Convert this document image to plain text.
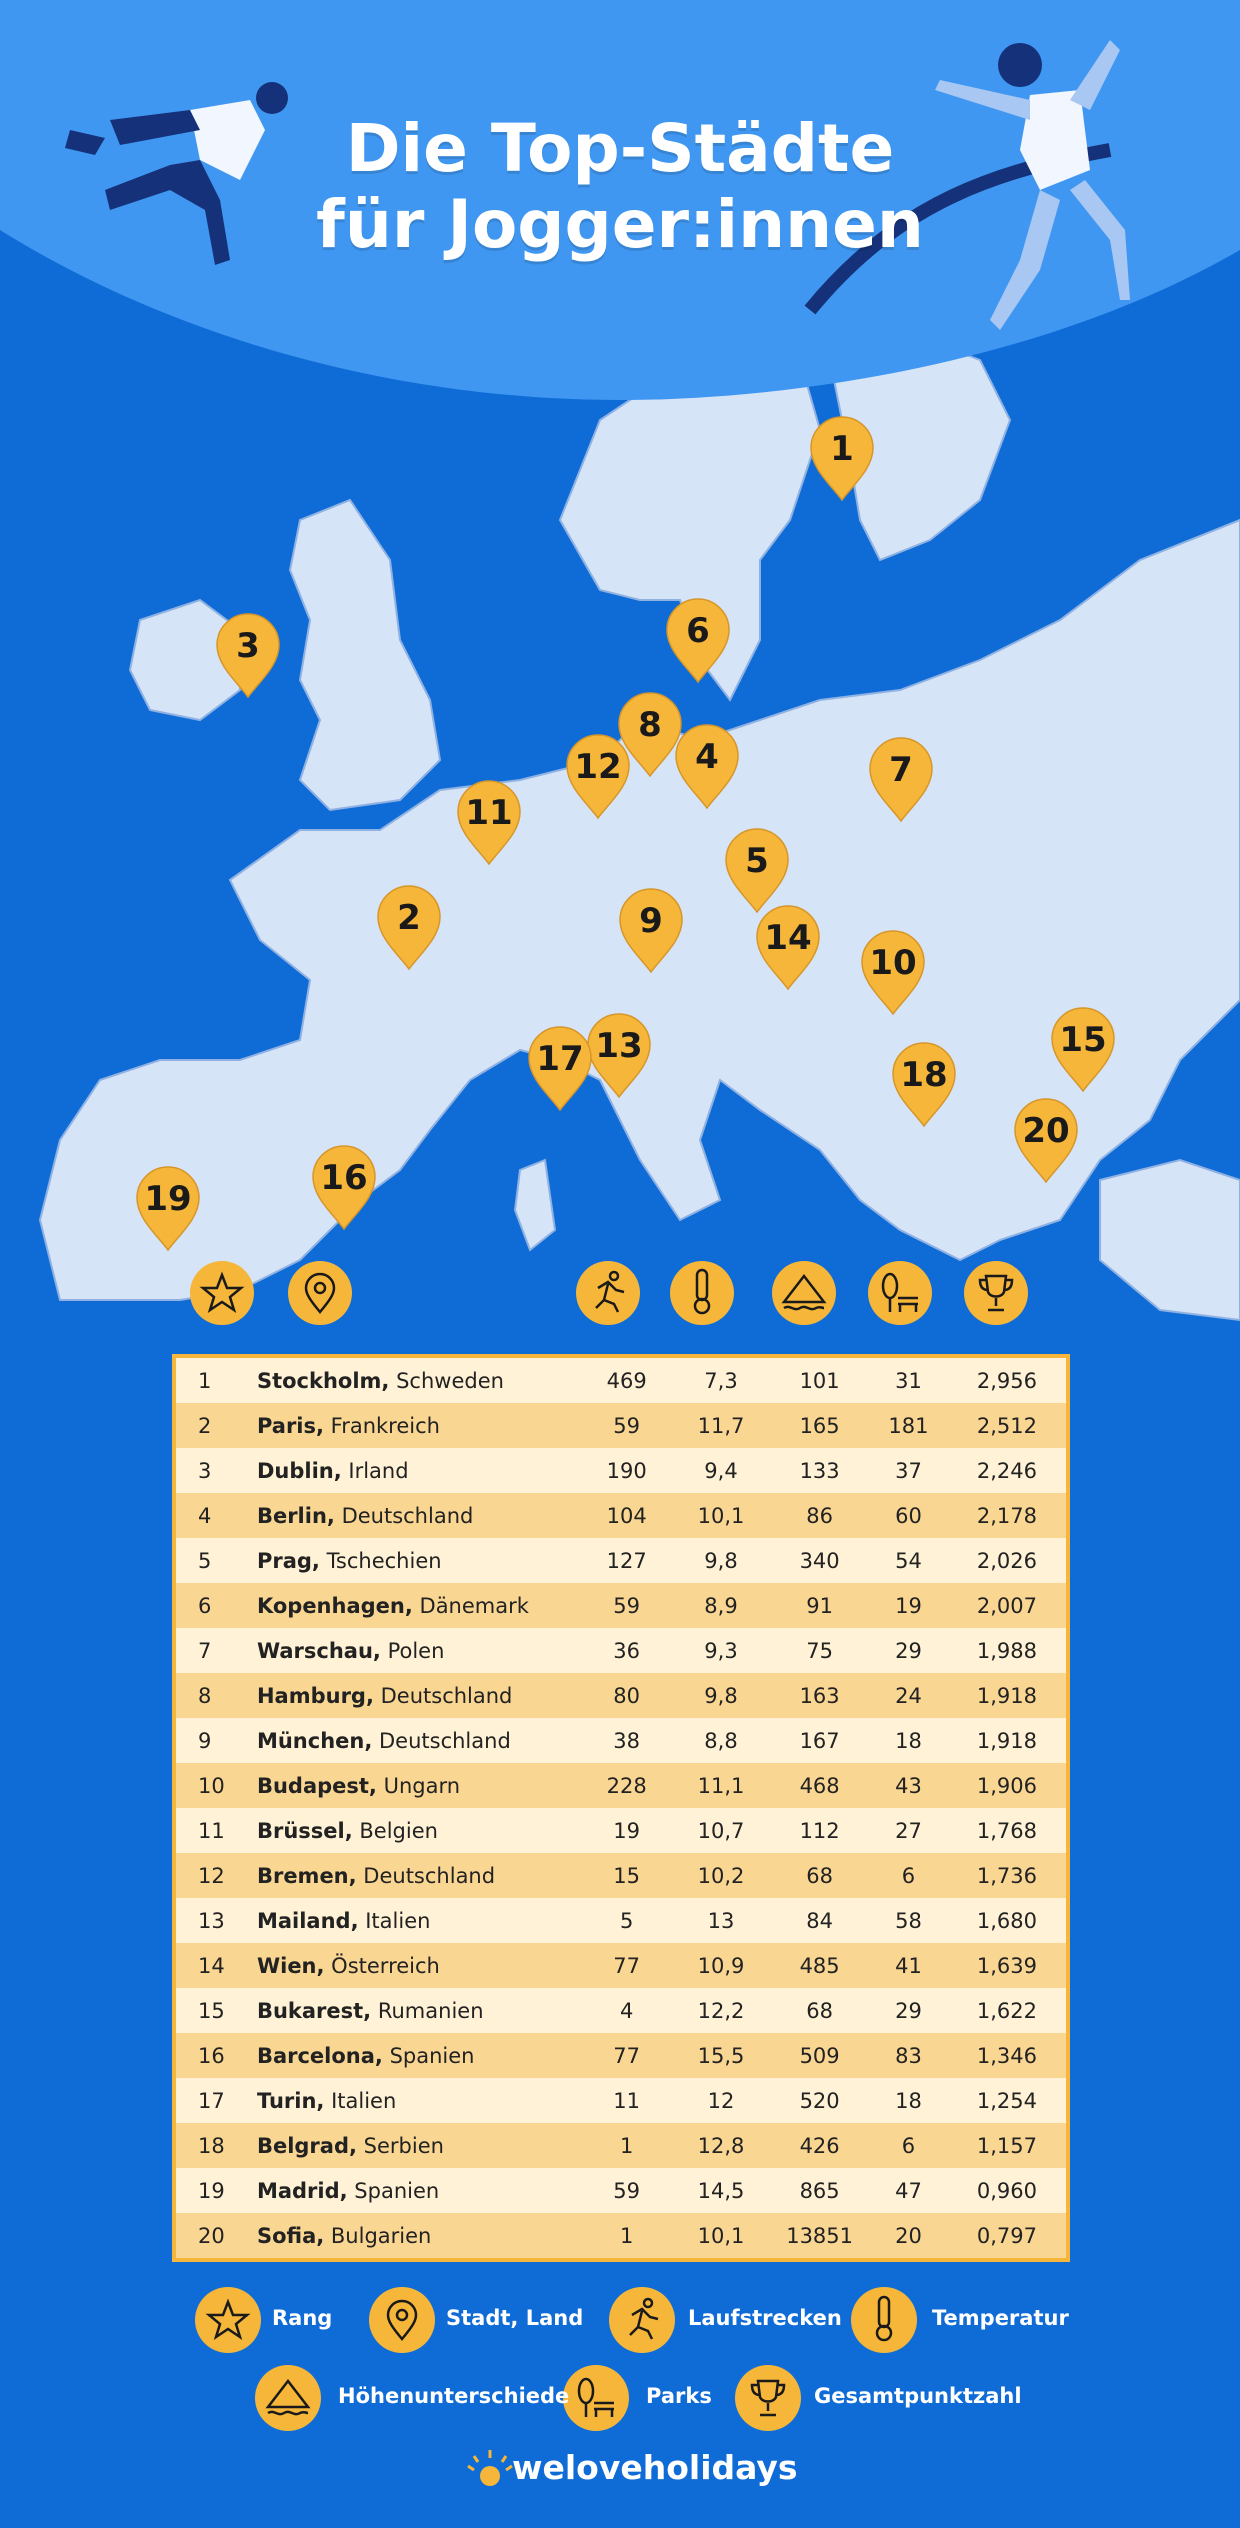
Die Top-Städte
für Jogger:innen
1
2
3
4
5
6
7
8
9
10
11
12
13
14
15
16
17	18
19
20
1	Stockholm, Schweden	469	7,3	101	31	2,956
2	Paris, Frankreich	59	11,7	165	181	2,512
3	Dublin, Irland	190	9,4	133	37	2,246
4	Berlin, Deutschland	104	10,1	86	60	2,178
5	Prag, Tschechien	127	9,8	340	54	2,026
6	Kopenhagen, Dänemark	59	8,9	91	19	2,007
7	Warschau, Polen	36	9,3	75	29	1,988
8	Hamburg, Deutschland	80	9,8	163	24	1,918
9	München, Deutschland	38	8,8	167	18	1,918
10	Budapest, Ungarn	228	11,1	468	43	1,906
11	Brüssel, Belgien	19	10,7	112	27	1,768
12	Bremen, Deutschland	15	10,2	68	6	1,736
13	Mailand, Italien	5	13	84	58	1,680
14	Wien, Österreich	77	10,9	485	41	1,639
15	Bukarest, Rumanien	4	12,2	68	29	1,622
16	Barcelona, Spanien	77	15,5	509	83	1,346
17	Turin, Italien	11	12	520	18	1,254
18	Belgrad, Serbien	1	12,8	426	6	1,157
19	Madrid, Spanien	59	14,5	865	47	0,960
20	Sofia, Bulgarien	1	10,1	13851	20	0,797
Rang	Stadt, Land	Laufstrecken	Temperatur
Höhenunterschiede	Parks	Gesamtpunktzahl
weloveholidays
